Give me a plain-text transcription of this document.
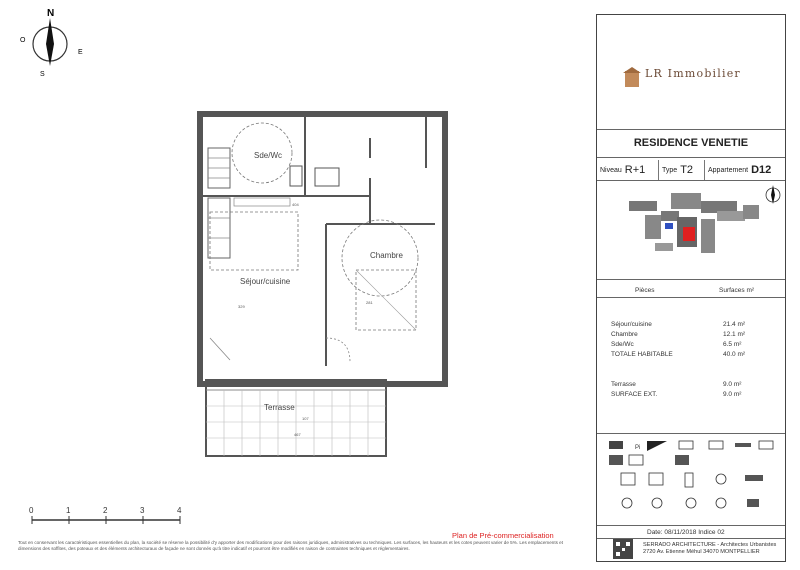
N
O
E
S
Sde/Wc
Chambre
Séjour/cuisine
Terrasse
404
329
281
467
107
0	1	2	3	4
Plan de Pré-commercialisation
Tout en conservant les caractéristiques essentielles du plan, la société se réserve la possibilité d'y apporter des modifications pour des raisons juridiques, administratives ou techniques. Les surfaces, les hauteurs et les cotes peuvent varier de 5%. Les emplacements et dimensions des soffites, des poteaux et des éléments architecturaux de façade ne sont donnés qu'à titre indicatif et pourront être modifiés en raison de contraintes techniques et réglementaires.
LR Immobilier
RESIDENCE VENETIE
Niveau R+1 Type T2 Appartement D12
Pièces	Surfaces m²
Séjour/cuisine	21.4 m²
Chambre	12.1 m²
Sde/Wc	6.5 m²
TOTALE HABITABLE	40.0 m²
Terrasse	9.0 m²
SURFACE EXT.	9.0 m²
Pi
Date: 08/11/2018 Indice 02
SERRADO ARCHITECTURE - Architectes Urbanistes
2720 Av. Etienne Méhul 34070 MONTPELLIER
